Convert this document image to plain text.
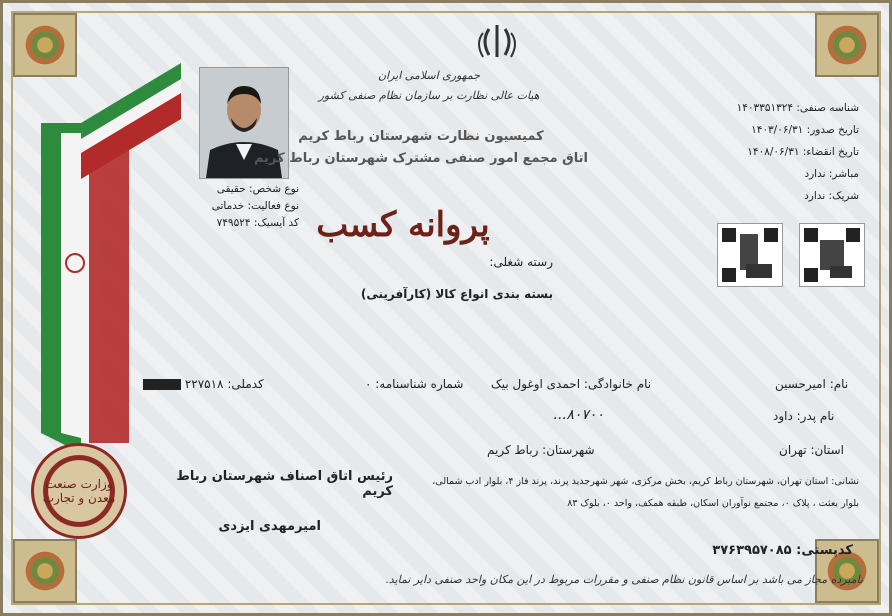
وزارت صنعت معدن و تجارت
نوع شخص: حقیقی
نوع فعالیت: خدماتی
کد آیسیک: ۷۴۹۵۲۴
جمهوری اسلامی ایران
هیات عالی نظارت بر سازمان نظام صنفی کشور
کمیسیون نظارت شهرستان رباط کریم
اتاق مجمع امور صنفی مشترک شهرستان رباط کریم
پروانه کسب
رسته شغلی:
بسته بندی انواع کالا (کارآفرینی)
شناسه صنفی: ۱۴۰۳۳۵۱۳۲۴
تاریخ صدور: ۱۴۰۳/۰۶/۳۱
تاریخ انقضاء: ۱۴۰۸/۰۶/۳۱
مباشر: ندارد
شریک: ندارد
نام: امیرحسین
نام خانوادگی: احمدی اوغول بیک
شماره شناسنامه: ۰
کدملی: ۲۲۷۵۱۸
نام پدر: داود
۸۰۷۰۰...
استان: تهران
شهرستان: رباط کریم
نشانی: استان تهران، شهرستان رباط کریم، بخش مرکزی، شهر شهرجدید پرند، پرند فاز ۴، بلوار ادب شمالی،
بلوار بعثت ، پلاک ۰، مجتمع نوآوران اسکان، طبقه همکف، واحد ۰، بلوک ۸۳
رئیس اتاق اصناف شهرستان رباط کریم
امیرمهدی ایزدی
کدپستی: ۳۷۶۳۹۵۷۰۸۵
نامبرده مجاز می باشد بر اساس قانون نظام صنفی و مقررات مربوط در این مکان واحد صنفی دایر نماید.
